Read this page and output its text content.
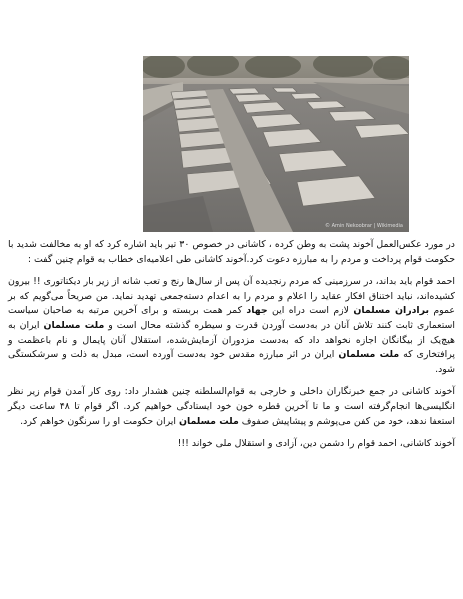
© Amin Nekoobrar | Wikimedia

در مورد عکس‌العمل آخوند پشت به وطن کرده ، کاشانی در خصوص ۳۰ تیر باید اشاره کرد که او به مخالفت شدید با حکومت قوام پرداخت و مردم را به مبارزه دعوت کرد.آخوند کاشانی طی اعلامیه‌ای خطاب به قوام چنین گفت :

احمد قوام باید بداند، در سرزمینی که مردم رنجدیده آن پس از سال‌ها رنج و تعب شانه از زیر بار دیکتاتوری !! بیرون کشیده‌اند، نباید اختناق افکار عقاید را اعلام و مردم را به اعدام دسته‌جمعی تهدید نماید. من صریحاً می‌گویم که بر عموم برادران مسلمان لازم است دراه این جهاد کمر همت بربسته و برای آخرین مرتبه به صاحبان سیاست استعماری ثابت کنند تلاش آنان در به‌دست آوردن قدرت و سیطره گذشته محال است و ملت مسلمان ایران به هیچ‌یک از بیگانگان اجازه نخواهد داد که به‌دست مزدوران آزمایش‌شده، استقلال آنان پایمال و نام باعظمت و پرافتخاری که ملت مسلمان ایران در اثر مبارزه مقدس خود به‌دست آورده است، مبدل به ذلت و سرشکستگی شود.

آخوند کاشانی در جمع خبرنگاران داخلی و خارجی به قوام‌السلطنه چنین هشدار داد: روی کار آمدن قوام زیر نظر انگلیسی‌ها انجام‌گرفته است و ما تا آخرین قطره خون خود ایستادگی خواهیم کرد. اگر قوام تا ۴۸ ساعت دیگر استعفا ندهد، خود من کفن می‌پوشم و پیشاپیش صفوف ملت مسلمان ایران حکومت او را سرنگون خواهم کرد.

آخوند کاشانی، احمد قوام را دشمن دین، آزادی و استقلال ملی خواند !!!
